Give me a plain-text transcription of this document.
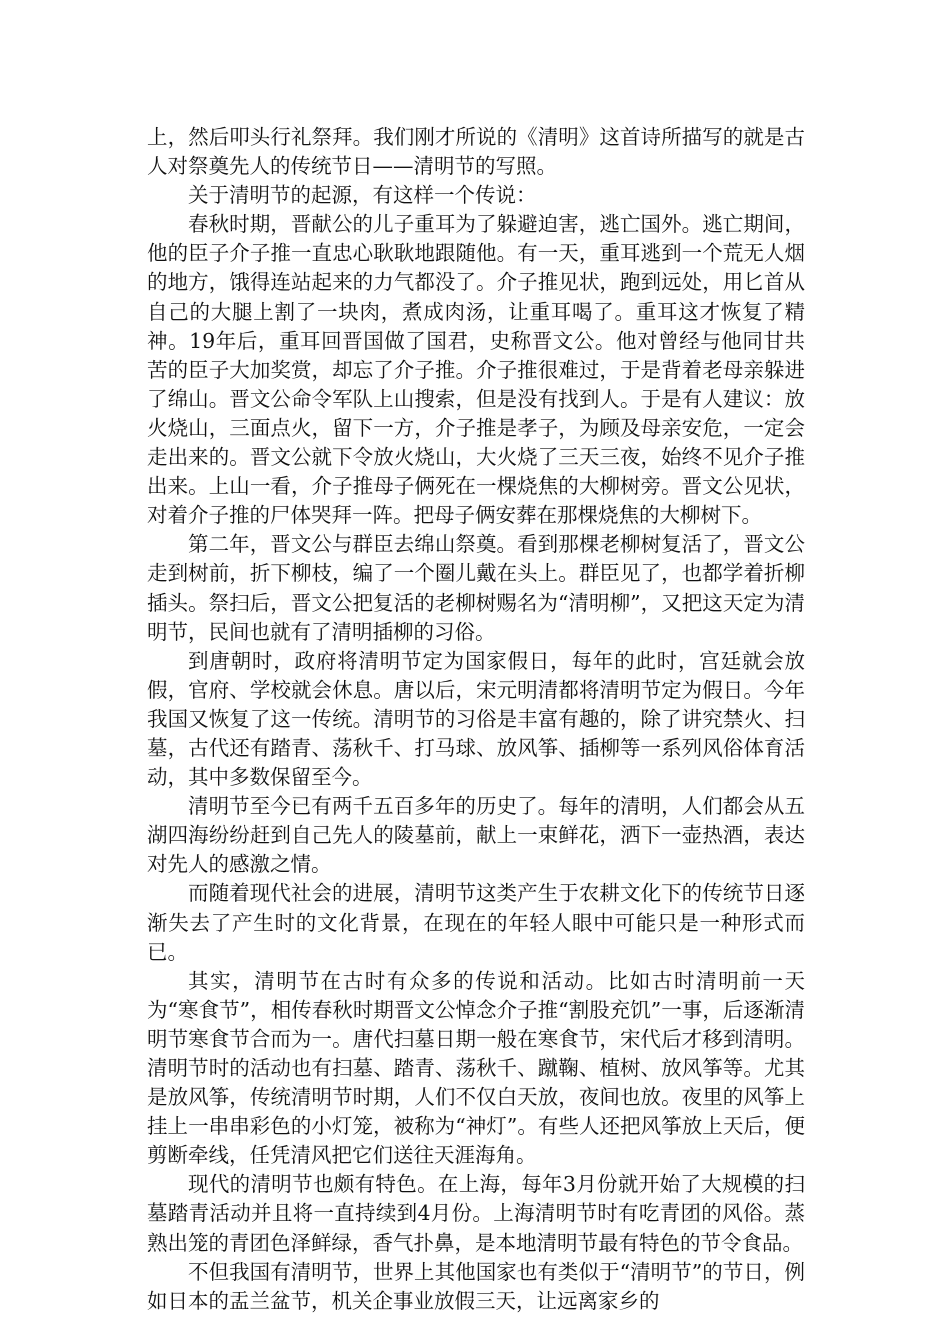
上，然后叩头行礼祭拜。我们刚才所说的《清明》这首诗所描写的就是古人对祭奠先人的传统节日——清明节的写照。

关于清明节的起源，有这样一个传说：

春秋时期，晋献公的儿子重耳为了躲避迫害，逃亡国外。逃亡期间，他的臣子介子推一直忠心耿耿地跟随他。有一天，重耳逃到一个荒无人烟的地方，饿得连站起来的力气都没了。介子推见状，跑到远处，用匕首从自己的大腿上割了一块肉，煮成肉汤，让重耳喝了。重耳这才恢复了精神。19年后，重耳回晋国做了国君，史称晋文公。他对曾经与他同甘共苦的臣子大加奖赏，却忘了介子推。介子推很难过，于是背着老母亲躲进了绵山。晋文公命令军队上山搜索，但是没有找到人。于是有人建议：放火烧山，三面点火，留下一方，介子推是孝子，为顾及母亲安危，一定会走出来的。晋文公就下令放火烧山，大火烧了三天三夜，始终不见介子推出来。上山一看，介子推母子俩死在一棵烧焦的大柳树旁。晋文公见状，对着介子推的尸体哭拜一阵。把母子俩安葬在那棵烧焦的大柳树下。

第二年，晋文公与群臣去绵山祭奠。看到那棵老柳树复活了，晋文公走到树前，折下柳枝，编了一个圈儿戴在头上。群臣见了，也都学着折柳插头。祭扫后，晋文公把复活的老柳树赐名为“清明柳”，又把这天定为清明节，民间也就有了清明插柳的习俗。

到唐朝时，政府将清明节定为国家假日，每年的此时，宫廷就会放假，官府、学校就会休息。唐以后，宋元明清都将清明节定为假日。今年我国又恢复了这一传统。清明节的习俗是丰富有趣的，除了讲究禁火、扫墓，古代还有踏青、荡秋千、打马球、放风筝、插柳等一系列风俗体育活动，其中多数保留至今。

清明节至今已有两千五百多年的历史了。每年的清明，人们都会从五湖四海纷纷赶到自己先人的陵墓前，献上一束鲜花，洒下一壶热酒，表达对先人的感激之情。

而随着现代社会的进展，清明节这类产生于农耕文化下的传统节日逐渐失去了产生时的文化背景，在现在的年轻人眼中可能只是一种形式而已。

其实，清明节在古时有众多的传说和活动。比如古时清明前一天为“寒食节”，相传春秋时期晋文公悼念介子推“割股充饥”一事，后逐渐清明节寒食节合而为一。唐代扫墓日期一般在寒食节，宋代后才移到清明。清明节时的活动也有扫墓、踏青、荡秋千、蹴鞠、植树、放风筝等。尤其是放风筝，传统清明节时期，人们不仅白天放，夜间也放。夜里的风筝上挂上一串串彩色的小灯笼，被称为“神灯”。有些人还把风筝放上天后，便剪断牵线，任凭清风把它们送往天涯海角。

现代的清明节也颇有特色。在上海，每年3月份就开始了大规模的扫墓踏青活动并且将一直持续到4月份。上海清明节时有吃青团的风俗。蒸熟出笼的青团色泽鲜绿，香气扑鼻，是本地清明节最有特色的节令食品。

不但我国有清明节，世界上其他国家也有类似于“清明节”的节日，例如日本的盂兰盆节，机关企事业放假三天，让远离家乡的
